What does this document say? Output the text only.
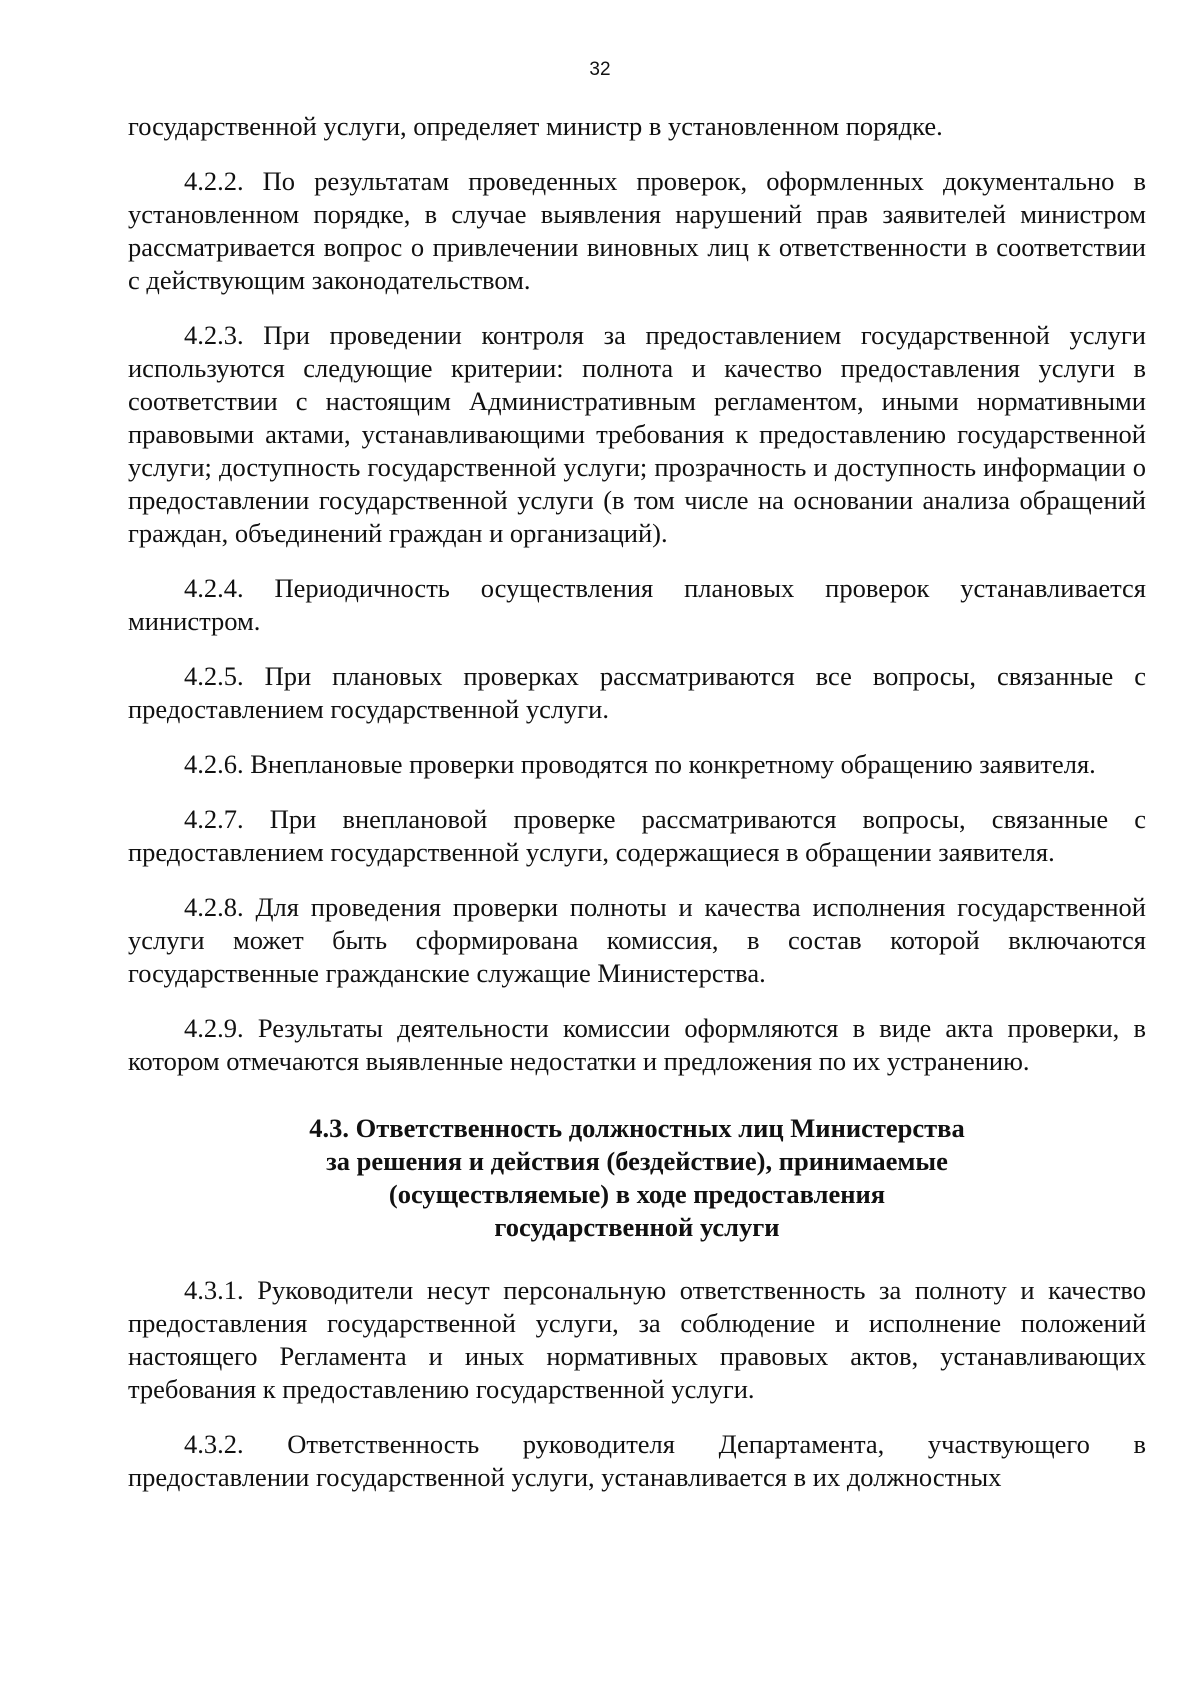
32

государственной услуги, определяет министр в установленном порядке.

4.2.2. По результатам проведенных проверок, оформленных документально в установленном порядке, в случае выявления нарушений прав заявителей министром рассматривается вопрос о привлечении виновных лиц к ответственности в соответствии с действующим законодательством.

4.2.3. При проведении контроля за предоставлением государственной услуги используются следующие критерии: полнота и качество предоставления услуги в соответствии с настоящим Административным регламентом, иными нормативными правовыми актами, устанавливающими требования к предоставлению государственной услуги; доступность государственной услуги; прозрачность и доступность информации о предоставлении государственной услуги (в том числе на основании анализа обращений граждан, объединений граждан и организаций).

4.2.4. Периодичность осуществления плановых проверок устанавливается министром.

4.2.5. При плановых проверках рассматриваются все вопросы, связанные с предоставлением государственной услуги.

4.2.6. Внеплановые проверки проводятся по конкретному обращению заявителя.

4.2.7. При внеплановой проверке рассматриваются вопросы, связанные с предоставлением государственной услуги, содержащиеся в обращении заявителя.

4.2.8. Для проведения проверки полноты и качества исполнения государственной услуги может быть сформирована комиссия, в состав которой включаются государственные гражданские служащие Министерства.

4.2.9. Результаты деятельности комиссии оформляются в виде акта проверки, в котором отмечаются выявленные недостатки и предложения по их устранению.

4.3. Ответственность должностных лиц Министерства
за решения и действия (бездействие), принимаемые
(осуществляемые) в ходе предоставления
государственной услуги

4.3.1. Руководители несут персональную ответственность за полноту и качество предоставления государственной услуги, за соблюдение и исполнение положений настоящего Регламента и иных нормативных правовых актов, устанавливающих требования к предоставлению государственной услуги.

4.3.2. Ответственность руководителя Департамента, участвующего в предоставлении государственной услуги, устанавливается в их должностных
